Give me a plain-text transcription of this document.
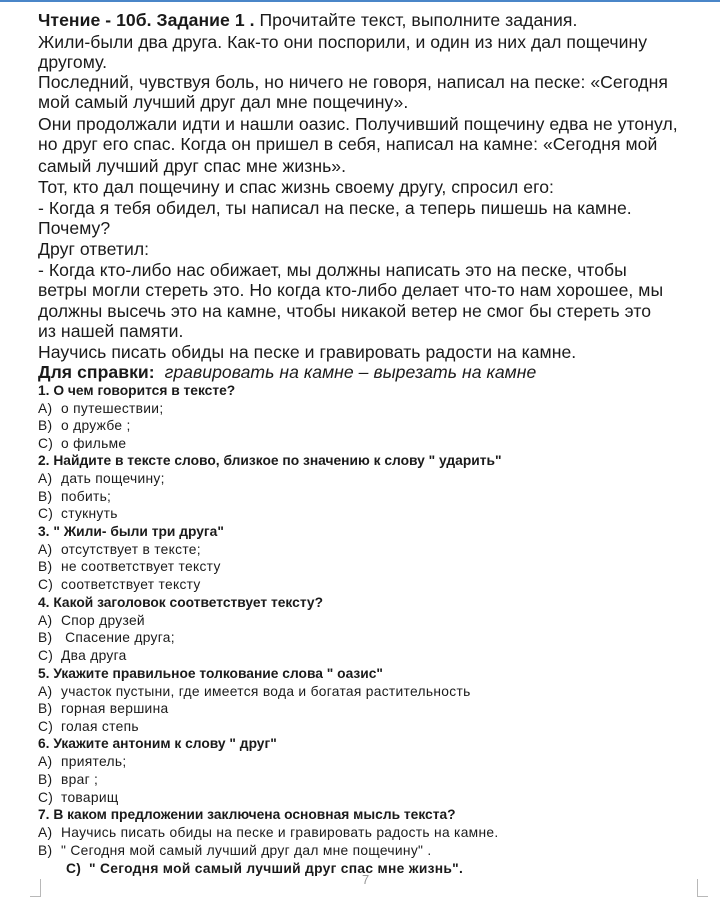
Чтение - 10б. Задание 1 . Прочитайте текст, выполните задания.
Жили-были два друга. Как-то они поспорили, и один из них дал пощечину
другому.
Последний, чувствуя боль, но ничего не говоря, написал на песке: «Сегодня
мой самый лучший друг дал мне пощечину».
Они продолжали идти и нашли оазис. Получивший пощечину едва не утонул,
но друг его спас. Когда он пришел в себя, написал на камне: «Сегодня мой
самый лучший друг спас мне жизнь».
Тот, кто дал пощечину и спас жизнь своему другу, спросил его:
- Когда я тебя обидел, ты написал на песке, а теперь пишешь на камне.
Почему?
Друг ответил:
- Когда кто-либо нас обижает, мы должны написать это на песке, чтобы
ветры могли стереть это. Но когда кто-либо делает что-то нам хорошее, мы
должны высечь это на камне, чтобы никакой ветер не смог бы стереть это
из нашей памяти.
Научись писать обиды на песке и гравировать радости на камне.
Для справки: гравировать на камне – вырезать на камне
1. О чем говорится в тексте?
А) о путешествии;
В) о дружбе ;
С) о фильме
2. Найдите в тексте слово, близкое по значению к слову " ударить"
А) дать пощечину;
В) побить;
С) стукнуть
3. " Жили- были три друга"
А) отсутствует в тексте;
В) не соответствует тексту
С) соответствует тексту
4. Какой заголовок соответствует тексту?
А) Спор друзей
В) Спасение друга;
С) Два друга
5. Укажите правильное толкование слова " оазис"
А) участок пустыни, где имеется вода и богатая растительность
В) горная вершина
С) голая степь
6. Укажите антоним к слову " друг"
А) приятель;
В) враг ;
С) товарищ
7. В каком предложении заключена основная мысль текста?
А) Научись писать обиды на песке и гравировать радость на камне.
В) " Сегодня мой самый лучший друг дал мне пощечину" .
С) " Сегодня мой самый лучший друг спас мне жизнь".
7
